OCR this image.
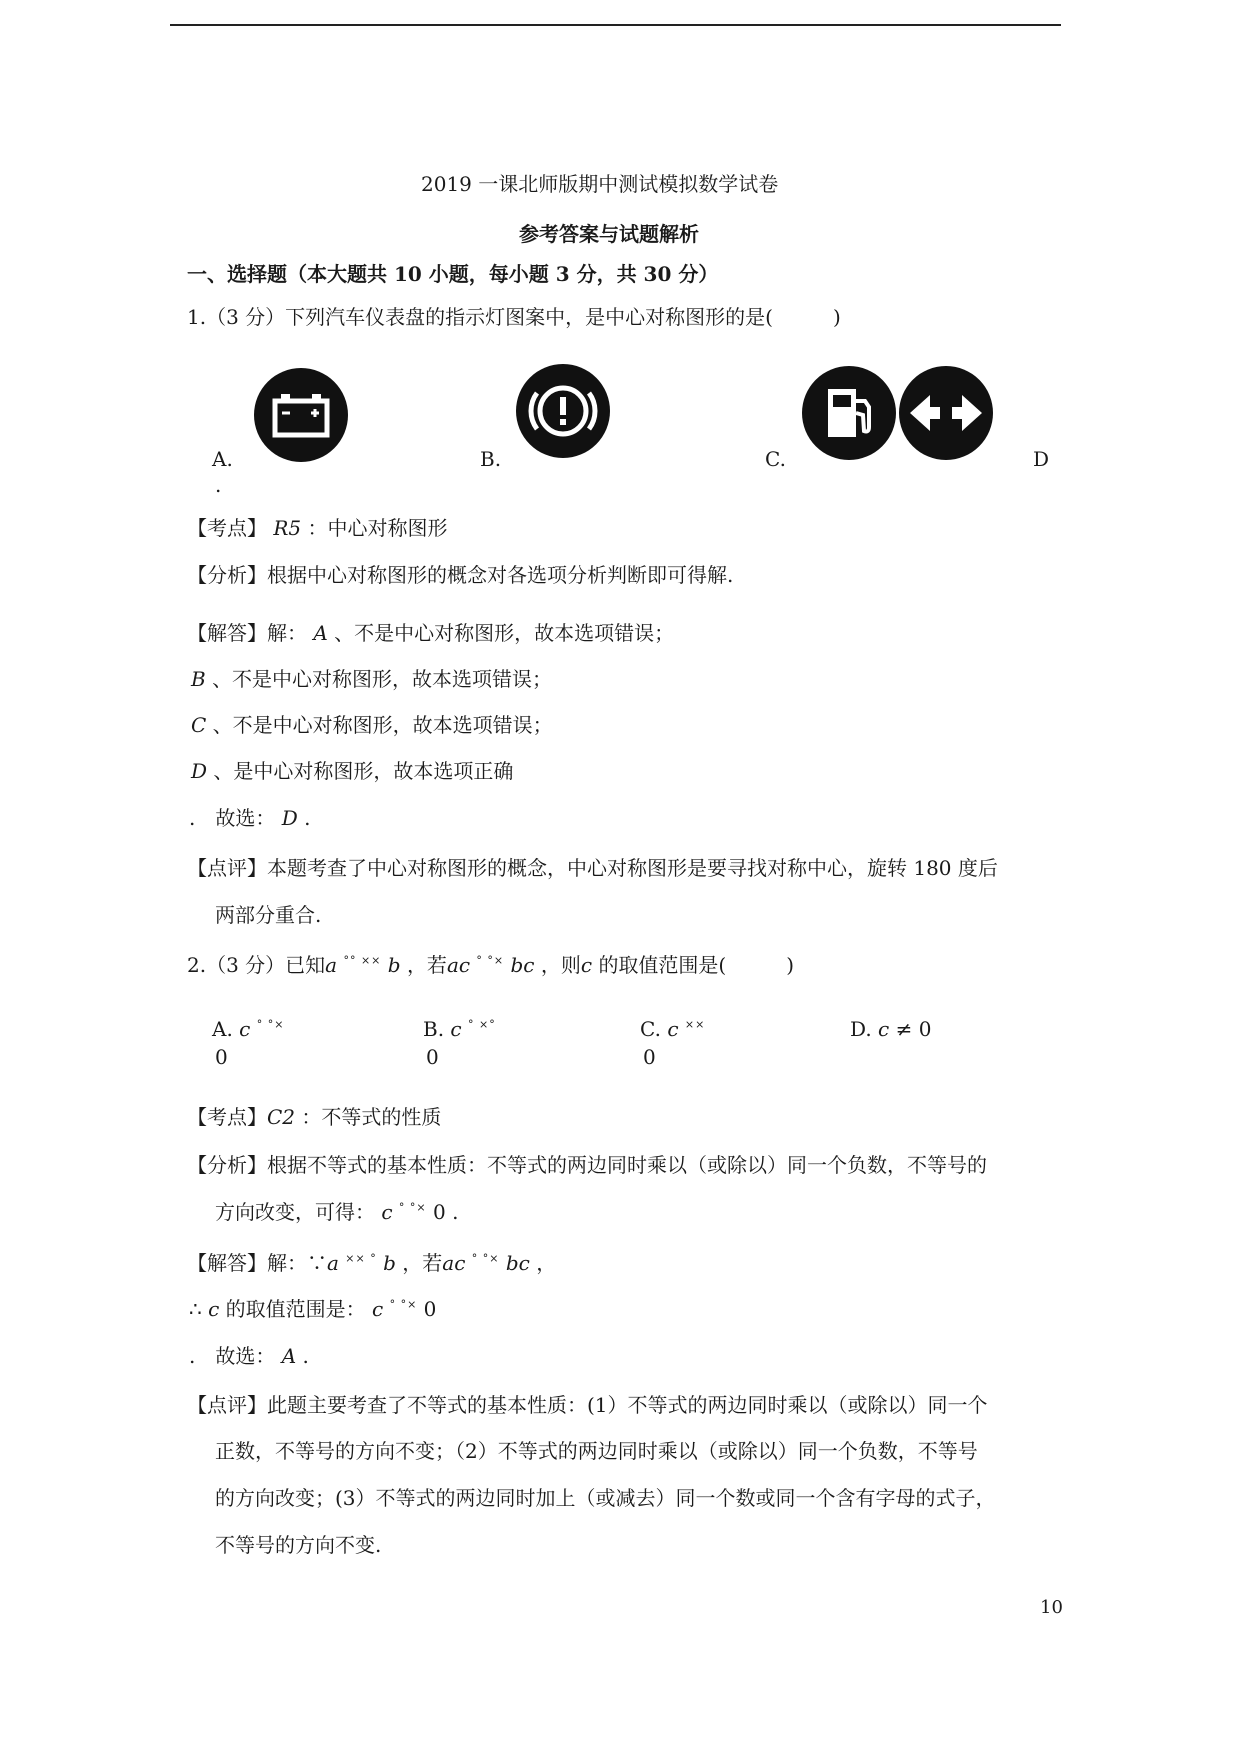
2019 一课北师版期中测试模拟数学试卷
参考答案与试题解析
一、选择题（本大题共 10 小题，每小题 3 分，共 30 分）
1.（3 分）下列汽车仪表盘的指示灯图案中，是中心对称图形的是(　　　)
A.	B.	C.	D
.
【考点】 R5 ：中心对称图形
【分析】根据中心对称图形的概念对各选项分析判断即可得解.
【解答】解： A 、不是中心对称图形，故本选项错误；
B 、不是中心对称图形，故本选项错误；
C 、不是中心对称图形，故本选项错误；
D 、是中心对称图形，故本选项正确
.　故选： D .
【点评】本题考查了中心对称图形的概念，中心对称图形是要寻找对称中心，旋转 180 度后
两部分重合.
2.（3 分）已知a °° ×× b ，若ac ° °× bc ，则c 的取值范围是(　　　)
A. c ° °×
0
B. c ° ×°
0
C. c ××
0
D. c ≠ 0
【考点】C2 ：不等式的性质
【分析】根据不等式的基本性质：不等式的两边同时乘以（或除以）同一个负数，不等号的
方向改变，可得： c ° °× 0 .
【解答】解：∵a ×× ° b ，若ac ° °× bc ，
∴ c 的取值范围是： c ° °× 0
.　故选： A .
【点评】此题主要考查了不等式的基本性质：(1）不等式的两边同时乘以（或除以）同一个
正数，不等号的方向不变；（2）不等式的两边同时乘以（或除以）同一个负数，不等号
的方向改变；(3）不等式的两边同时加上（或减去）同一个数或同一个含有字母的式子，
不等号的方向不变.
10
